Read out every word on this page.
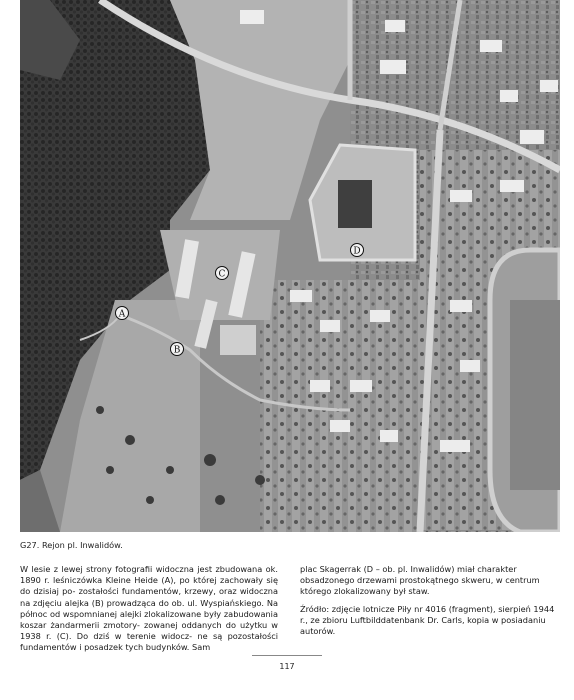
A
B
C
D
G27. Rejon pl. Inwalidów.

W lesie z lewej strony fotografii widoczna jest zbudowana ok. 1890 r. leśniczówka Kleine Heide (A), po której zachowały się do dzisiaj po- zostałości fundamentów, krzewy, oraz widoczna na zdjęciu alejka (B) prowadząca do ob. ul. Wyspiańskiego. Na północ od wspomnianej alejki zlokalizowane były zabudowania koszar żandarmerii zmotory- zowanej oddanych do użytku w 1938 r. (C). Do dziś w terenie widocz- ne są pozostałości fundamentów i posadzek tych budynków. Sam

plac Skagerrak (D – ob. pl. Inwalidów) miał charakter obsadzonego drzewami prostokątnego skweru, w centrum którego zlokalizowany był staw.

Źródło: zdjęcie lotnicze Piły nr 4016 (fragment), sierpień 1944 r., ze zbioru Luftbilddatenbank Dr. Carls, kopia w posiadaniu autorów.

117
